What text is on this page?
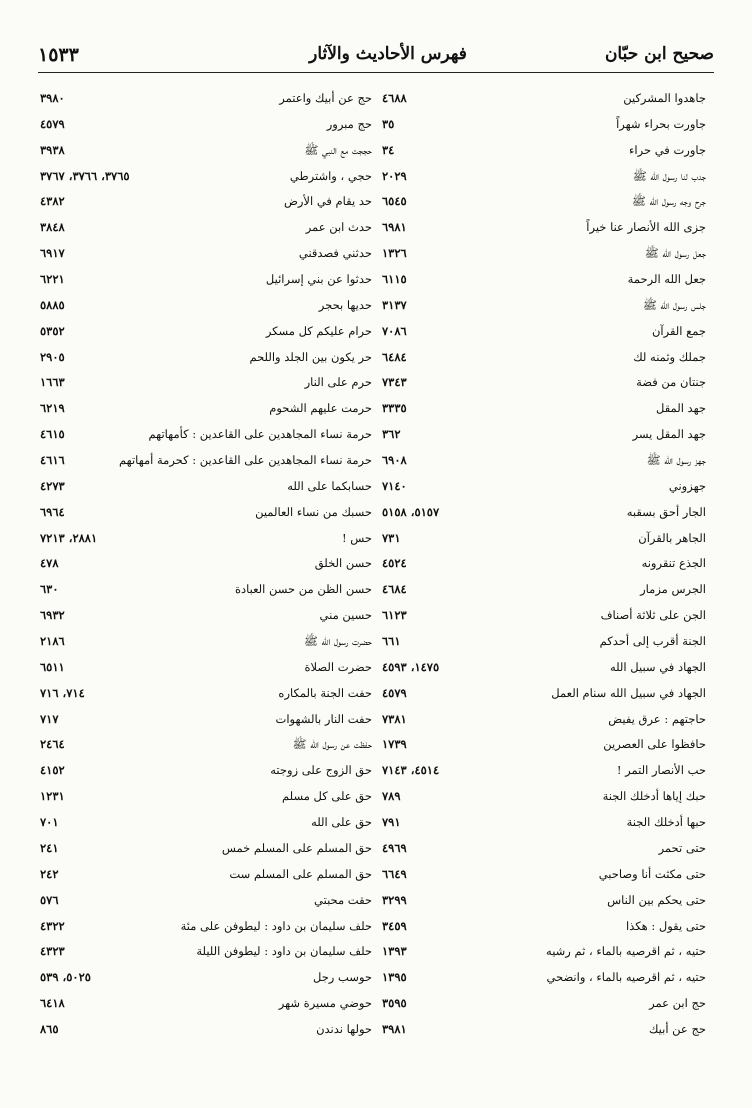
١٥٣٣	فهرس الأحاديث والآثار	صحيح ابن حبّان
جاهدوا المشركين
٤٦٨٨
جاورت بحراء شهراً
٣٥
جاورت في حراء
٣٤
جدب لنا رسول الله ﷺ
٢٠٢٩
جرح وجه رسول الله ﷺ
٦٥٤٥
جزى الله الأنصار عنا خيراً
٦٩٨١
جعل رسول الله ﷺ
١٣٢٦
جعل الله الرحمة
٦١١٥
جلس رسول الله ﷺ
٣١٣٧
جمع القرآن
٧٠٨٦
جملك وثمنه لك
٦٤٨٤
جنتان من فضة
٧٣٤٣
جهد المقل
٣٣٣٥
جهد المقل يسر
٣٦٢
جهز رسول الله ﷺ
٦٩٠٨
جهزوني
٧١٤٠
الجار أحق بسقبه
٥١٥٧، ٥١٥٨
الجاهر بالقرآن
٧٣١
الجذع تنقرونه
٤٥٢٤
الجرس مزمار
٤٦٨٤
الجن على ثلاثة أصناف
٦١٢٣
الجنة أقرب إلى أحدكم
٦٦١
الجهاد في سبيل الله
١٤٧٥، ٤٥٩٣
الجهاد في سبيل الله سنام العمل
٤٥٧٩
حاجتهم : عرق يفيض
٧٣٨١
حافظوا على العصرين
١٧٣٩
حب الأنصار التمر !
٤٥١٤، ٧١٤٣
حبك إياها أدخلك الجنة
٧٨٩
حبها أدخلك الجنة
٧٩١
حتى تحمر
٤٩٦٩
حتى مكثت أنا وصاحبي
٦٦٤٩
حتى يحكم بين الناس
٣٢٩٩
حتى يقول : هكذا
٣٤٥٩
حتيه ، ثم اقرصيه بالماء ، ثم رشيه
١٣٩٣
حتيه ، ثم اقرصيه بالماء ، وانضحي
١٣٩٥
حج ابن عمر
٣٥٩٥
حج عن أبيك
٣٩٨١
حج عن أبيك واعتمر
٣٩٨٠
حج مبرور
٤٥٧٩
حججت مع النبي ﷺ
٣٩٣٨
حجي ، واشترطي
٣٧٦٥، ٣٧٦٦، ٣٧٦٧
حد يقام في الأرض
٤٣٨٢
حدث ابن عمر
٣٨٤٨
حدثني فصدقني
٦٩١٧
حدثوا عن بني إسرائيل
٦٢٢١
حديها بحجر
٥٨٨٥
حرام عليكم كل مسكر
٥٣٥٢
حر يكون بين الجلد واللحم
٢٩٠٥
حرم على النار
١٦٦٣
حرمت عليهم الشحوم
٦٢١٩
حرمة نساء المجاهدين على القاعدين : كأمهاتهم
٤٦١٥
حرمة نساء المجاهدين على القاعدين : كحرمة أمهاتهم
٤٦١٦
حسابكما على الله
٤٢٧٣
حسبك من نساء العالمين
٦٩٦٤
حس !
٢٨٨١، ٧٢١٣
حسن الخلق
٤٧٨
حسن الظن من حسن العبادة
٦٣٠
حسين مني
٦٩٣٢
حضرت رسول الله ﷺ
٢١٨٦
حضرت الصلاة
٦٥١١
حفت الجنة بالمكاره
٧١٤، ٧١٦
حفت النار بالشهوات
٧١٧
حفظت عن رسول الله ﷺ
٢٤٦٤
حق الزوج على زوجته
٤١٥٢
حق على كل مسلم
١٢٣١
حق على الله
٧٠١
حق المسلم على المسلم خمس
٢٤١
حق المسلم على المسلم ست
٢٤٢
حقت محبتي
٥٧٦
حلف سليمان بن داود : ليطوفن على مئة
٤٣٢٢
حلف سليمان بن داود : ليطوفن الليلة
٤٣٢٣
حوسب رجل
٥٠٢٥، ٥٣٩
حوضي مسيرة شهر
٦٤١٨
حولها ندندن
٨٦٥
